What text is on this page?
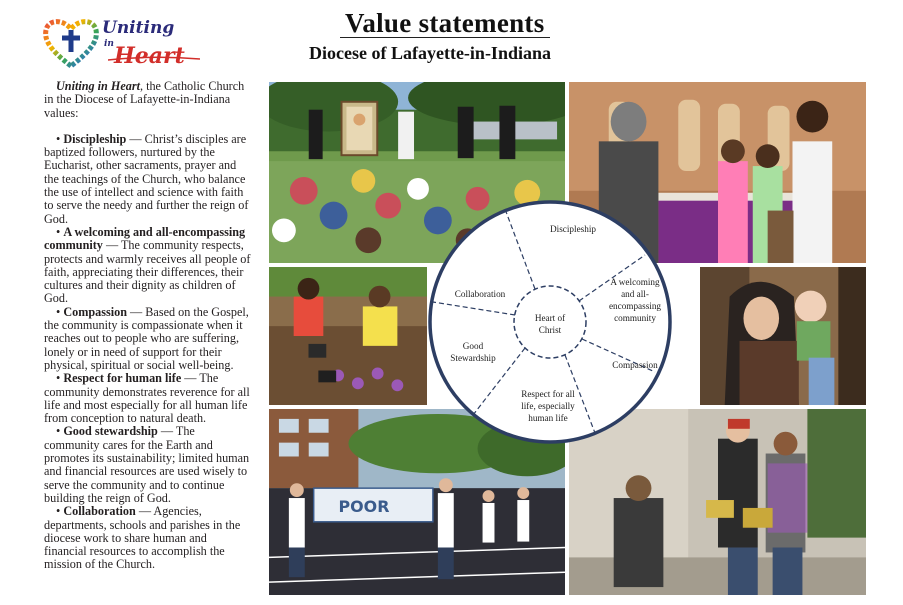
Uniting
in Heart
Value statements
Diocese of Lafayette-in-Indiana

Uniting in Heart, the Catholic Church in the Diocese of Lafayette-in-Indiana values:

• Discipleship — Christ’s disciples are baptized followers, nurtured by the Eucharist, other sacraments, prayer and the teachings of the Church, who balance the use of intellect and science with faith to serve the needy and further the reign of God.

• A welcoming and all-encompassing community — The community respects, protects and warmly receives all people of faith, appreciating their differences, their cultures and their dignity as children of God.

• Compassion — Based on the Gospel, the community is compassionate when it reaches out to people who are suffering, lonely or in need of support for their physical, spiritual or social well-being.

• Respect for human life — The community demonstrates reverence for all life and most especially for all human life from conception to natural death.

• Good stewardship — The community cares for the Earth and promotes its sustainability; limited human and financial resources are used wisely to serve the community and to continue building the reign of God.

• Collaboration — Agencies, departments, schools and parishes in the diocese work to share human and financial resources to accomplish the mission of the Church.

POOR
Heart of
Christ
Discipleship
A welcoming
and all-
encompassing
community
Compassion
Respect for all
life, especially
human life
Good
Stewardship
Collaboration
